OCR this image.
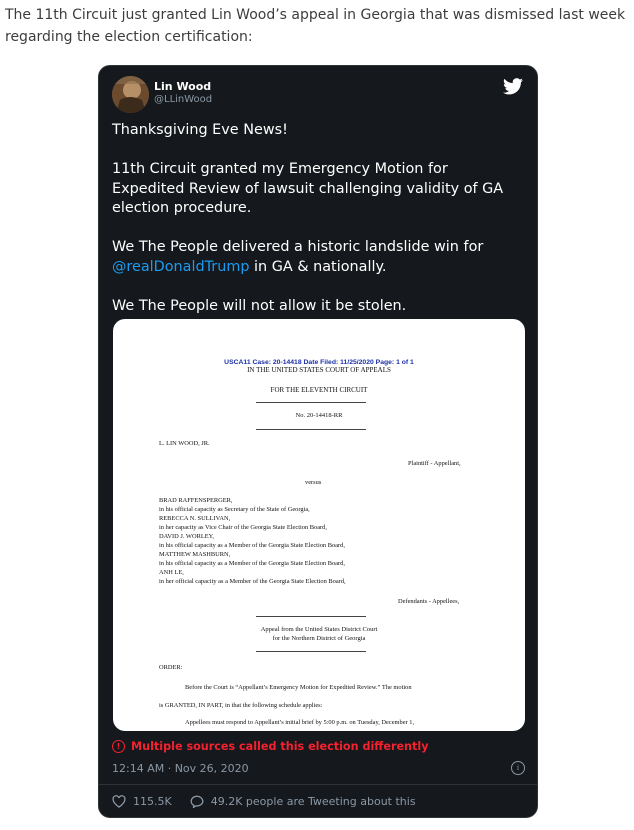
The 11th Circuit just granted Lin Wood’s appeal in Georgia that was dismissed last week regarding the election certification:
Lin Wood
@LLinWood

Thanksgiving Eve News!

11th Circuit granted my Emergency Motion for Expedited Review of lawsuit challenging validity of GA election procedure.

We The People delivered a historic landslide win for @realDonaldTrump in GA & nationally.

We The People will not allow it be stolen.

USCA11 Case: 20-14418 Date Filed: 11/25/2020 Page: 1 of 1
IN THE UNITED STATES COURT OF APPEALS
FOR THE ELEVENTH CIRCUIT
No. 20-14418-RR
L. LIN WOOD, JR.
Plaintiff - Appellant,
versus
BRAD RAFFENSPERGER,
in his official capacity as Secretary of the State of Georgia,
REBECCA N. SULLIVAN,
in her capacity as Vice Chair of the Georgia State Election Board,
DAVID J. WORLEY,
in his official capacity as a Member of the Georgia State Election Board,
MATTHEW MASHBURN,
in his official capacity as a Member of the Georgia State Election Board,
ANH LE,
in her official capacity as a Member of the Georgia State Election Board,
Defendants - Appellees,
Appeal from the United States District Court
for the Northern District of Georgia
ORDER:
Before the Court is “Appellant’s Emergency Motion for Expedited Review.” The motion
is GRANTED, IN PART, in that the following schedule applies:
Appellees must respond to Appellant’s initial brief by 5:00 p.m. on Tuesday, December 1,
! Multiple sources called this election differently
12:14 AM · Nov 26, 2020	i
115.5K	49.2K people are Tweeting about this
